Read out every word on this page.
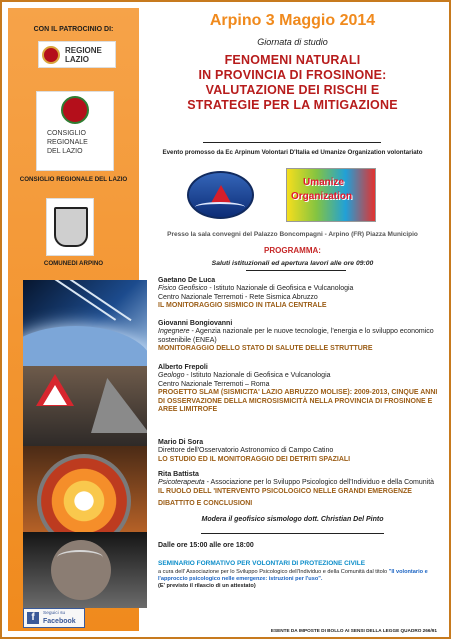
CON IL PATROCINIO DI:
REGIONE
LAZIO
CONSIGLIO
REGIONALE
DEL LAZIO
CONSIGLIO REGIONALE DEL LAZIO
COMUNEDI ARPINO
f	Seguici su
Facebook
Arpino 3 Maggio 2014
Giornata di studio
FENOMENI NATURALI
IN PROVINCIA DI FROSINONE:
VALUTAZIONE DEI RISCHI E
STRATEGIE PER LA MITIGAZIONE
Evento promosso da Ec Arpinum Volontari D'Italia ed Umanize Organization volontariato
Umanize
Organization
Presso la sala convegni del Palazzo Boncompagni - Arpino (FR) Piazza Municipio
PROGRAMMA:
Saluti istituzionali ed apertura lavori alle ore 09:00
Gaetano De Luca
Fisico Geofisico - Istituto Nazionale di Geofisica e Vulcanologia
Centro Nazionale Terremoti - Rete Sismica Abruzzo
IL MONITORAGGIO SISMICO IN ITALIA CENTRALE
Giovanni Bongiovanni
Ingegnere - Agenzia nazionale per le nuove tecnologie, l'energia e lo sviluppo economico sostenibile (ENEA)
MONITORAGGIO DELLO STATO DI SALUTE DELLE STRUTTURE
Alberto Frepoli
Geologo - Istituto Nazionale di Geofisica e Vulcanologia
Centro Nazionale Terremoti – Roma
PROGETTO SLAM (SISMICITA' LAZIO ABRUZZO MOLISE): 2009-2013, CINQUE ANNI DI OSSERVAZIONE DELLA MICROSISMICITÀ NELLA PROVINCIA DI FROSINONE E AREE LIMITROFE
Mario Di Sora
Direttore dell'Osservatorio Astronomico di Campo Catino
LO STUDIO ED IL MONITORAGGIO DEI DETRITI SPAZIALI
Rita Battista
Psicoterapeuta - Associazione per lo Sviluppo Psicologico dell'Individuo e della Comunità
IL RUOLO DELL 'INTERVENTO PSICOLOGICO NELLE GRANDI EMERGENZE
DIBATTITO E CONCLUSIONI
Modera il geofisico sismologo dott. Christian Del Pinto
Dalle ore 15:00 alle ore 18:00
SEMINARIO FORMATIVO PER VOLONTARI DI PROTEZIONE CIVILE
a cura dell' Associazione per lo Sviluppo Psicologico dell'Individuo e della Comunità dal titolo "Il volontario e l'approccio psicologico nelle emergenze: istruzioni per l'uso".
(E' previsto il rilascio di un attestato)
ESENTE DA IMPOSTE DI BOLLO AI SENSI DELLA LEGGE QUADRO 266/91
